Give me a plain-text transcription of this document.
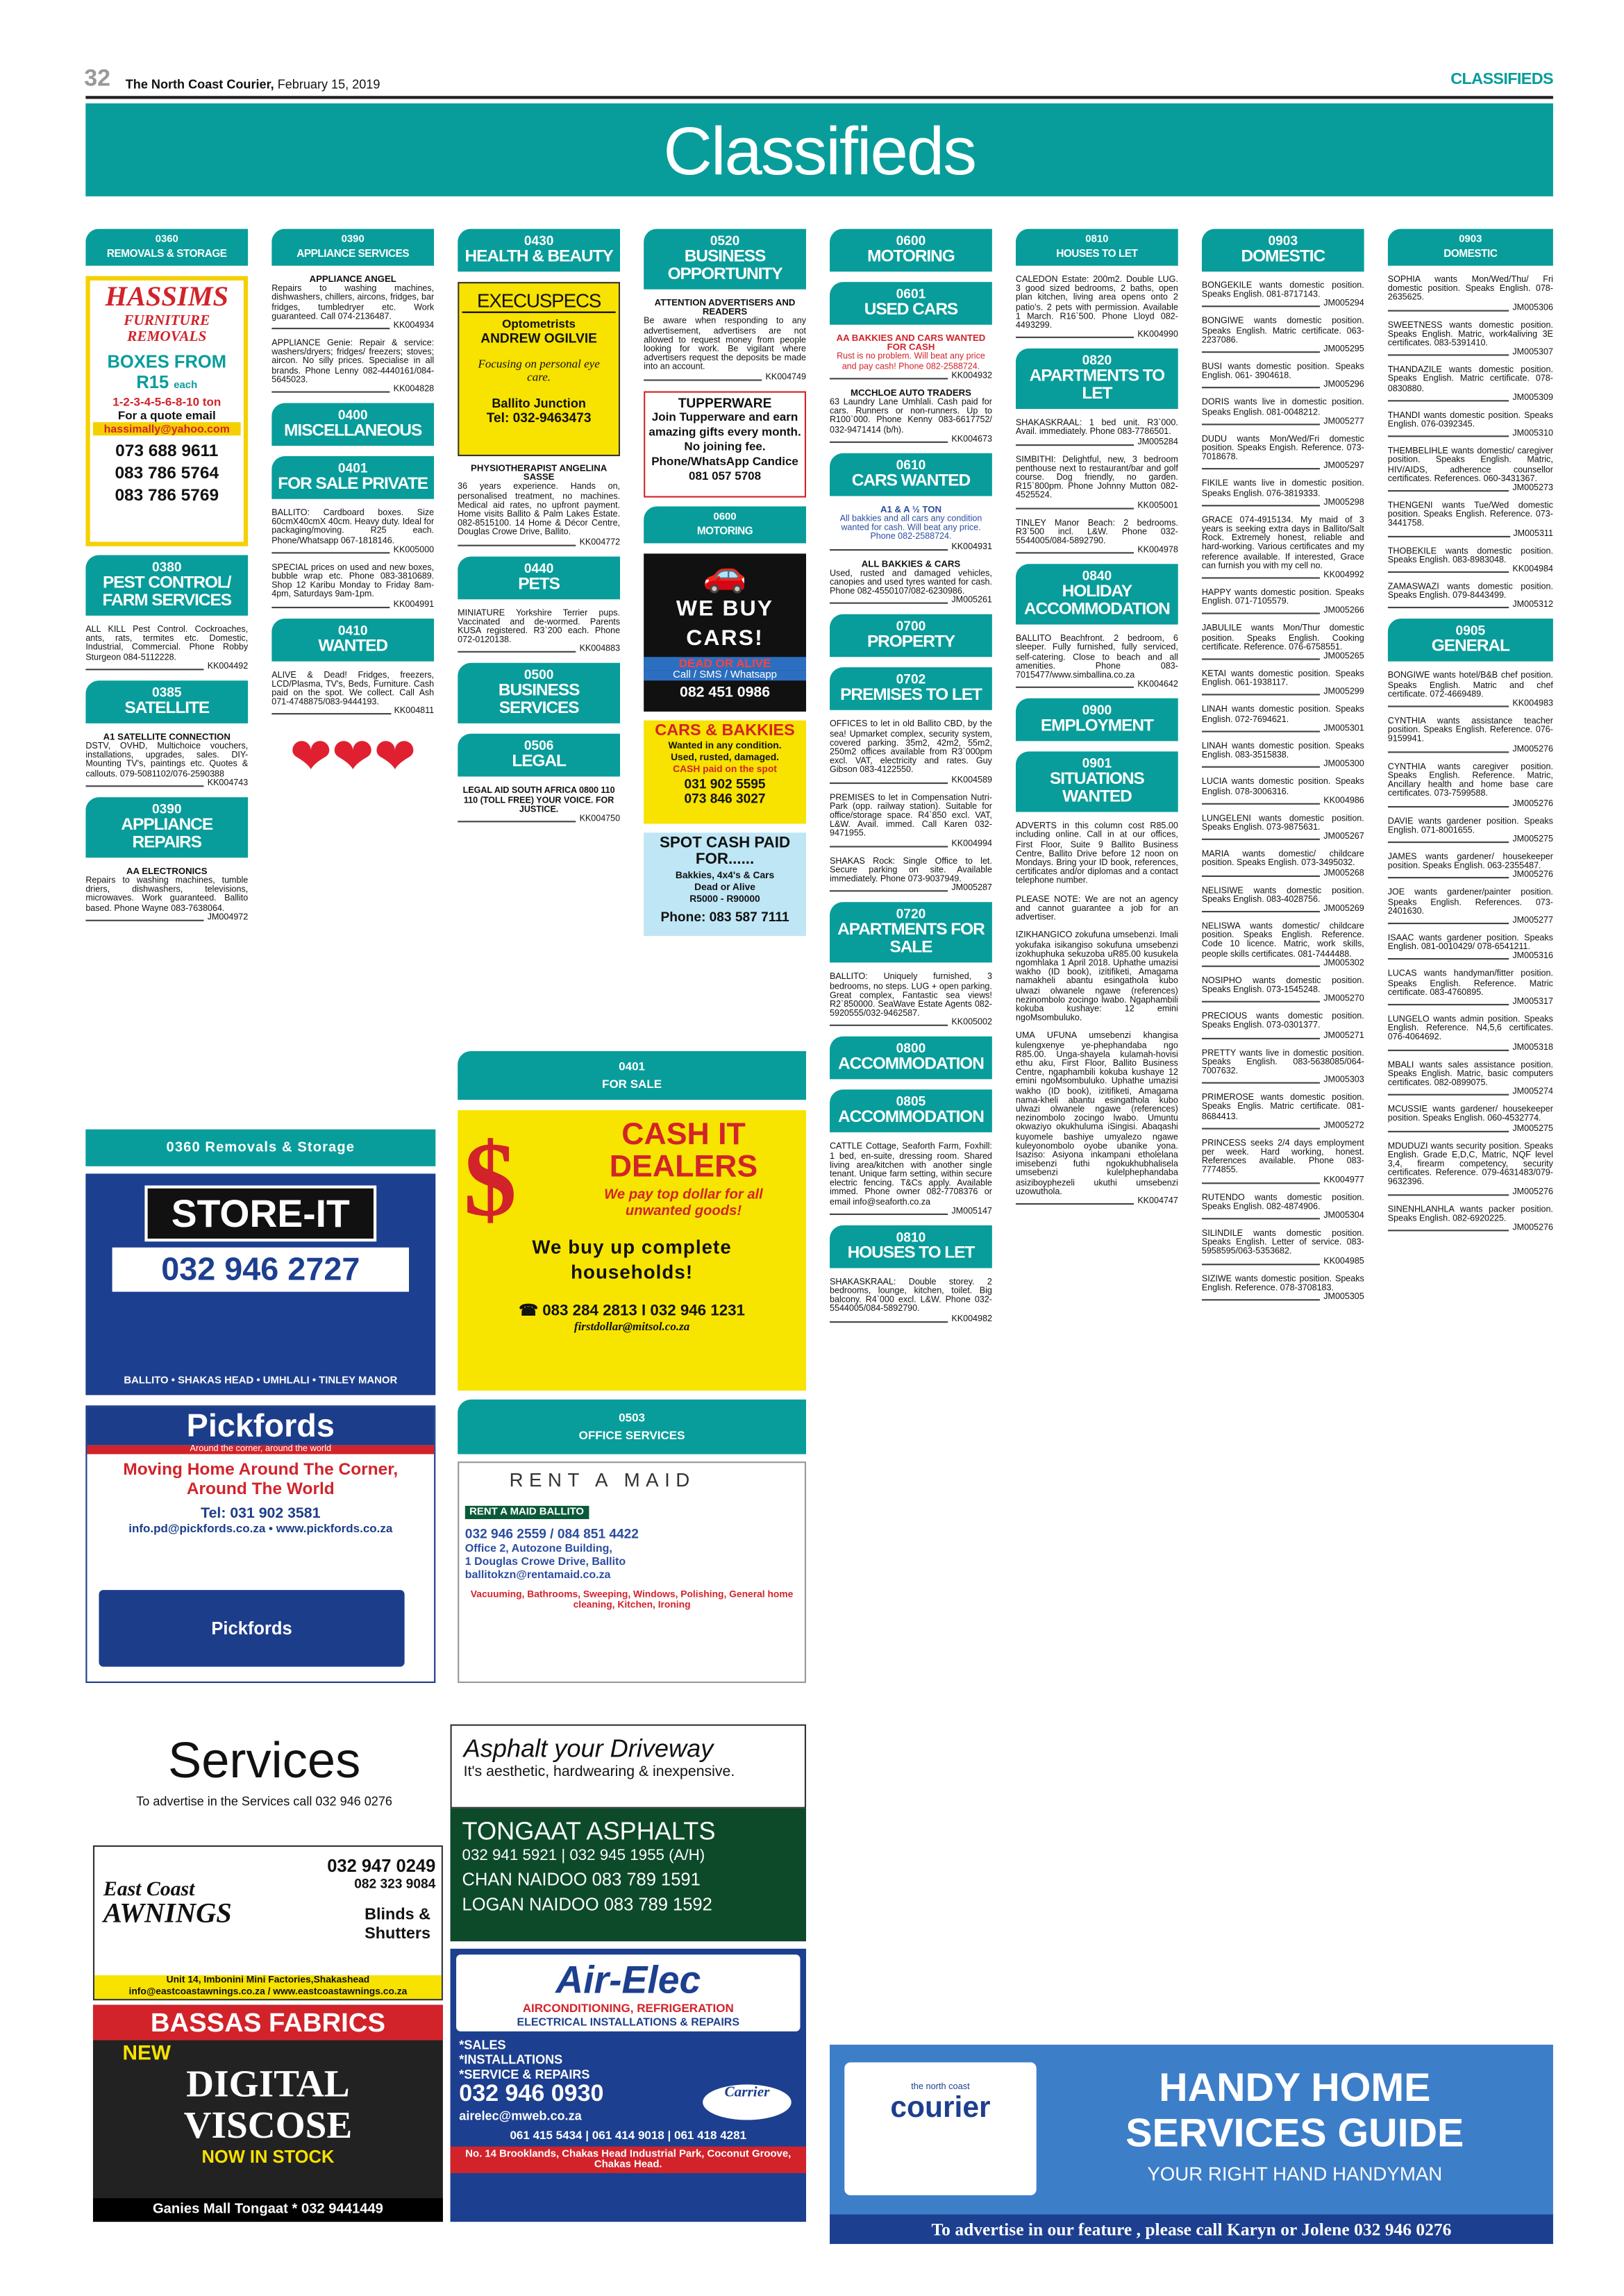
32	The North Coast Courier, February 15, 2019	CLASSIFIEDS
Classifieds
0360
REMOVALS & STORAGE
HASSIMS
FURNITURE REMOVALS
BOXES FROM
R15 each
1-2-3-4-5-6-8-10 ton
For a quote email
hassimally@yahoo.com
073 688 9611
083 786 5764
083 786 5769
0380
PEST CONTROL/
FARM SERVICES
ALL KILL Pest Control. Cockroaches, ants, rats, termites etc. Domestic, Industrial, Commercial. Phone Robby Sturgeon 084-5112228.
KK004492
0385
SATELLITE
A1 SATELLITE CONNECTION
DSTV, OVHD, Multichoice vouchers, installations, upgrades, sales. DIY-Mounting TV's, paintings etc. Quotes & callouts. 079-5081102/076-2590388
KK004743
0390
APPLIANCE REPAIRS
AA ELECTRONICS
Repairs to washing machines, tumble driers, dishwashers, televisions, microwaves. Work guaranteed. Ballito based. Phone Wayne 083-7638064.
JM004972
0390
APPLIANCE SERVICES
APPLIANCE ANGEL
Repairs to washing machines, dishwashers, chillers, aircons, fridges, bar fridges, tumbledryer etc. Work guaranteed. Call 074-2136487.
KK004934
APPLIANCE Genie: Repair & service: washers/dryers; fridges/ freezers; stoves; aircon. No silly prices. Specialise in all brands. Phone Lenny 082-4440161/084-5645023.
KK004828
0400
MISCELLANEOUS
0401
FOR SALE PRIVATE
BALLITO: Cardboard boxes. Size 60cmX40cmX 40cm. Heavy duty. Ideal for packaging/moving. R25 each. Phone/Whatsapp 067-1818146.
KK005000
SPECIAL prices on used and new boxes, bubble wrap etc. Phone 083-3810689. Shop 12 Karibu Monday to Friday 8am-4pm, Saturdays 9am-1pm.
KK004991
0410
WANTED
ALIVE & Dead! Fridges, freezers, LCD/Plasma, TV's, Beds, Furniture. Cash paid on the spot. We collect. Call Ash 071-4748875/083-9444193.
KK004811
❤❤❤
0430
HEALTH & BEAUTY
EXECUSPECS
Optometrists
ANDREW OGILVIE
Focusing on personal eye care.
Ballito Junction
Tel: 032-9463473
PHYSIOTHERAPIST ANGELINA SASSE
36 years experience. Hands on, personalised treatment, no machines. Medical aid rates, no upfront payment. Home visits Ballito & Palm Lakes Estate. 082-8515100. 14 Home & Décor Centre, Douglas Crowe Drive, Ballito.
KK004772
0440
PETS
MINIATURE Yorkshire Terrier pups. Vaccinated and de-wormed. Parents KUSA registered. R3`200 each. Phone 072-0120138.
KK004883
0500
BUSINESS SERVICES
0506
LEGAL
LEGAL AID SOUTH AFRICA 0800 110 110 (TOLL FREE) YOUR VOICE. FOR JUSTICE.
KK004750
0520
BUSINESS
OPPORTUNITY
ATTENTION ADVERTISERS AND READERS
Be aware when responding to any advertisement, advertisers are not allowed to request money from people looking for work. Be vigilant where advertisers request the deposits be made into an account.
KK004749
TUPPERWARE
Join Tupperware and earn amazing gifts every month. No joining fee. Phone/WhatsApp Candice 081 057 5708
0600
MOTORING
🚗
WE BUY CARS!
DEAD OR ALIVE
Call / SMS / Whatsapp
082 451 0986
CARS & BAKKIES
Wanted in any condition.
Used, rusted, damaged.
CASH paid on the spot
031 902 5595
073 846 3027
SPOT CASH PAID FOR......
Bakkies, 4x4's & Cars
Dead or Alive
R5000 - R90000
Phone: 083 587 7111
0600
MOTORING
0601
USED CARS
AA BAKKIES AND CARS WANTED FOR CASH
Rust is no problem. Will beat any price and pay cash! Phone 082-2588724.
KK004932
MCCHLOE AUTO TRADERS
63 Laundry Lane Umhlali. Cash paid for cars. Runners or non-runners. Up to R100`000. Phone Kenny 083-6617752/ 032-9471414 (b/h).
KK004673
0610
CARS WANTED
A1 & A ½ TON
All bakkies and all cars any condition wanted for cash. Will beat any price. Phone 082-2588724.
KK004931
ALL BAKKIES & CARS
Used, rusted and damaged vehicles, canopies and used tyres wanted for cash. Phone 082-4550107/082-6230986.
JM005261
0700
PROPERTY
0702
PREMISES TO LET
OFFICES to let in old Ballito CBD, by the sea! Upmarket complex, security system, covered parking. 35m2, 42m2, 55m2, 250m2 offices available from R3`000pm excl. VAT, electricity and rates. Guy Gibson 083-4122550.
KK004589
PREMISES to let in Compensation Nutri-Park (opp. railway station). Suitable for office/storage space. R4`850 excl. VAT, L&W. Avail. immed. Call Karen 032-9471955.
KK004994
SHAKAS Rock: Single Office to let. Secure parking on site. Available immediately. Phone 073-9037949.
JM005287
0720
APARTMENTS FOR
SALE
BALLITO: Uniquely furnished, 3 bedrooms, no steps. LUG + open parking. Great complex, Fantastic sea views! R2`850000. SeaWave Estate Agents 082-5920555/032-9462587.
KK005002
0800
ACCOMMODATION
0805
ACCOMMODATION
CATTLE Cottage, Seaforth Farm, Foxhill: 1 bed, en-suite, dressing room. Shared living area/kitchen with another single tenant. Unique farm setting, within secure electric fencing. T&Cs apply. Available immed. Phone owner 082-7708376 or email info@seaforth.co.za
JM005147
0810
HOUSES TO LET
SHAKASKRAAL: Double storey. 2 bedrooms, lounge, kitchen, toilet. Big balcony. R4`000 excl. L&W. Phone 032-5544005/084-5892790.
KK004982
0810
HOUSES TO LET
CALEDON Estate: 200m2. Double LUG. 3 good sized bedrooms, 2 baths, open plan kitchen, living area opens onto 2 patio's. 2 pets with permission. Available 1 March. R16`500. Phone Lloyd 082-4493299.
KK004990
0820
APARTMENTS TO
LET
SHAKASKRAAL: 1 bed unit. R3`000. Avail. immediately. Phone 083-7786501.
JM005284
SIMBITHI: Delightful, new, 3 bedroom penthouse next to restaurant/bar and golf course. Dog friendly, no garden. R15`800pm. Phone Johnny Mutton 082-4525524.
KK005001
TINLEY Manor Beach: 2 bedrooms. R3`500 incl. L&W. Phone 032-5544005/084-5892790.
KK004978
0840
HOLIDAY
ACCOMMODATION
BALLITO Beachfront. 2 bedroom, 6 sleeper. Fully furnished, fully serviced, self-catering. Close to beach and all amenities. Phone 083-7015477/www.simballina.co.za
KK004642
0900
EMPLOYMENT
0901
SITUATIONS
WANTED
ADVERTS in this column cost R85.00 including online. Call in at our offices, First Floor, Suite 9 Ballito Business Centre, Ballito Drive before 12 noon on Mondays. Bring your ID book, references, certificates and/or diplomas and a contact telephone number.
PLEASE NOTE: We are not an agency and cannot guarantee a job for an advertiser.
IZIKHANGICO zokufuna umsebenzi. Imali yokufaka isikangiso sokufuna umsebenzi izokhuphuka sekuzoba uR85.00 kusukela ngomhlaka 1 April 2018. Uphathe umazisi wakho (ID book), izitifiketi, Amagama namakheli abantu esingathola kubo ulwazi olwanele ngawe (references) nezinombolo zocingo lwabo. Ngaphambili kokuba kushaye: 12 emini ngoMsombuluko.
UMA UFUNA umsebenzi khangisa kulengxenye ye-phephandaba ngo R85.00. Unga-shayela kulamah-hovisi ethu aku, First Floor, Ballito Business Centre, ngaphambili kokuba kushaye 12 emini ngoMsombuluko. Uphathe umazisi wakho (ID book), izitifiketi, Amagama nama-kheli abantu esingathola kubo ulwazi olwanele ngawe (references) nezinombolo zocingo lwabo. Umuntu okwaziyo okukhuluma iSingisi. Abaqashi kuyomele bashiye umyalezo ngawe kuleyonombolo oyobe ubanike yona. Isaziso: Asiyona inkampani etholelana imisebenzi futhi ngokukhubhalisela umsebenzi kulelphephandaba asiziboyphezeli ukuthi umsebenzi uzowuthola.
KK004747
0903
DOMESTIC
BONGEKILE wants domestic position. Speaks English. 081-8717143.
JM005294
BONGIWE wants domestic position. Speaks English. Matric certificate. 063-2237086.
JM005295
BUSI wants domestic position. Speaks English. 061- 3904618.
JM005296
DORIS wants live in domestic position. Speaks English. 081-0048212.
JM005277
DUDU wants Mon/Wed/Fri domestic position. Speaks Engish. Reference. 073-7018678.
JM005297
FIKILE wants live in domestic position. Speaks English. 076-3819333.
JM005298
GRACE 074-4915134. My maid of 3 years is seeking extra days in Ballito/Salt Rock. Extremely honest, reliable and hard-working. Various certificates and my reference available. If interested, Grace can furnish you with my cell no.
KK004992
HAPPY wants domestic position. Speaks English. 071-7105579.
JM005266
JABULILE wants Mon/Thur domestic position. Speaks English. Cooking certificate. Reference. 076-6758551.
JM005265
KETAI wants domestic position. Speaks English. 061-1938117.
JM005299
LINAH wants domestic position. Speaks English. 072-7694621.
JM005301
LINAH wants domestic position. Speaks English. 083-3515838.
JM005300
LUCIA wants domestic position. Speaks English. 078-3006316.
KK004986
LUNGELENI wants domestic position. Speaks English. 073-9875631.
JM005267
MARIA wants domestic/ childcare position. Speaks English. 073-3495032.
JM005268
NELISIWE wants domestic position. Speaks English. 083-4028756.
JM005269
NELISWA wants domestic/ childcare position. Speaks English. Reference. Code 10 licence. Matric, work skills, people skills certificates. 081-7444488.
JM005302
NOSIPHO wants domestic position. Speaks English. 073-1545248.
JM005270
PRECIOUS wants domestic position. Speaks English. 073-0301377.
JM005271
PRETTY wants live in domestic position. Speaks English. 083-5638085/064-7007632.
JM005303
PRIMEROSE wants domestic position. Speaks Englis. Matric certificate. 081-8684413.
JM005272
PRINCESS seeks 2/4 days employment per week. Hard working, honest. References available. Phone 083- 7774855.
KK004977
RUTENDO wants domestic position. Speaks English. 082-4874906.
JM005304
SILINDILE wants domestic position. Speaks English. Letter of service. 083-5958595/063-5353682.
KK004985
SIZIWE wants domestic position. Speaks English. Reference. 078-3708183.
JM005305
0903
DOMESTIC
SOPHIA wants Mon/Wed/Thu/ Fri domestic position. Speaks English. 078-2635625.
JM005306
SWEETNESS wants domestic position. Speaks English. Matric, work4aliving 3E certificates. 083-5391410.
JM005307
THANDAZILE wants domestic position. Speaks English. Matric certificate. 078-0830880.
JM005309
THANDI wants domestic position. Speaks English. 076-0392345.
JM005310
THEMBELIHLE wants domestic/ caregiver position. Speaks English. Matric, HIV/AIDS, adherence counsellor certificates. References. 060-3431367.
JM005273
THENGENI wants Tue/Wed domestic position. Speaks English. Reference. 073-3441758.
JM005311
THOBEKILE wants domestic position. Speaks English. 083-8983048.
KK004984
ZAMASWAZI wants domestic position. Speaks English. 079-8443499.
JM005312
0905
GENERAL
BONGIWE wants hotel/B&B chef position. Speaks English. Matric and chef certificate. 072-4669489.
KK004983
CYNTHIA wants assistance teacher position. Speaks English. Reference. 076-9159941.
JM005276
CYNTHIA wants caregiver position. Speaks English. Reference. Matric, Ancillary health and home base care certificates. 073-7599588.
JM005276
DAVIE wants gardener position. Speaks English. 071-8001655.
JM005275
JAMES wants gardener/ housekeeper position. Speaks English. 063-2355487.
JM005276
JOE wants gardener/painter position. Speaks English. References. 073-2401630.
JM005277
ISAAC wants gardener position. Speaks English. 081-0010429/ 078-6541211.
JM005316
LUCAS wants handyman/fitter position. Speaks English. Reference. Matric certificate. 083-4760895.
JM005317
LUNGELO wants admin position. Speaks English. Reference. N4,5,6 certificates. 076-4064692.
JM005318
MBALI wants sales assistance position. Speaks English. Matric, basic computers certificates. 082-0899075.
JM005274
MCUSSIE wants gardener/ housekeeper position. Speaks English. 060-4532774.
JM005275
MDUDUZI wants security position. Speaks English. Grade E,D,C, Matric, NQF level 3,4, firearm competency, security certificates. Reference. 079-4631483/079-9632396.
JM005276
SINENHLANHLA wants packer position. Speaks English. 082-6920225.
JM005276
0360 Removals & Storage
STORE-IT
032 946 2727
BALLITO • SHAKAS HEAD • UMHLALI • TINLEY MANOR
Pickfords
Around the corner, around the world
Moving Home Around The Corner, Around The World
Tel: 031 902 3581
info.pd@pickfords.co.za • www.pickfords.co.za
Pickfords
0401
FOR SALE
$	CASH IT
DEALERS
We pay top dollar for all unwanted goods!
We buy up complete households!
☎ 083 284 2813 I 032 946 1231
firstdollar@mitsol.co.za
0503
OFFICE SERVICES
RENT A MAID
RENT A MAID BALLITO
032 946 2559 / 084 851 4422
Office 2, Autozone Building,
1 Douglas Crowe Drive, Ballito
ballitokzn@rentamaid.co.za
Vacuuming, Bathrooms, Sweeping, Windows, Polishing, General home cleaning, Kitchen, Ironing
Services
To advertise in the Services call 032 946 0276
East Coast
AWNINGS
032 947 0249
082 323 9084
Blinds & Shutters
Unit 14, Imbonini Mini Factories,Shakashead
info@eastcoastawnings.co.za / www.eastcoastawnings.co.za
BASSAS FABRICS
NEW
DIGITAL
VISCOSE
NOW IN STOCK
Ganies Mall Tongaat * 032 9441449
Asphalt your Driveway
It's aesthetic, hardwearing & inexpensive.
TONGAAT ASPHALTS
032 941 5921 | 032 945 1955 (A/H)
CHAN NAIDOO 083 789 1591
LOGAN NAIDOO 083 789 1592
Air-Elec
AIRCONDITIONING, REFRIGERATION
ELECTRICAL INSTALLATIONS & REPAIRS
*SALES
*INSTALLATIONS
*SERVICE & REPAIRS
032 946 0930
airelec@mweb.co.za
Carrier
061 415 5434 | 061 414 9018 | 061 418 4281
No. 14 Brooklands, Chakas Head Industrial Park, Coconut Groove, Chakas Head.
the north coast
courier	HANDY HOME
SERVICES GUIDE
YOUR RIGHT HAND HANDYMAN
To advertise in our feature , please call Karyn or Jolene 032 946 0276
